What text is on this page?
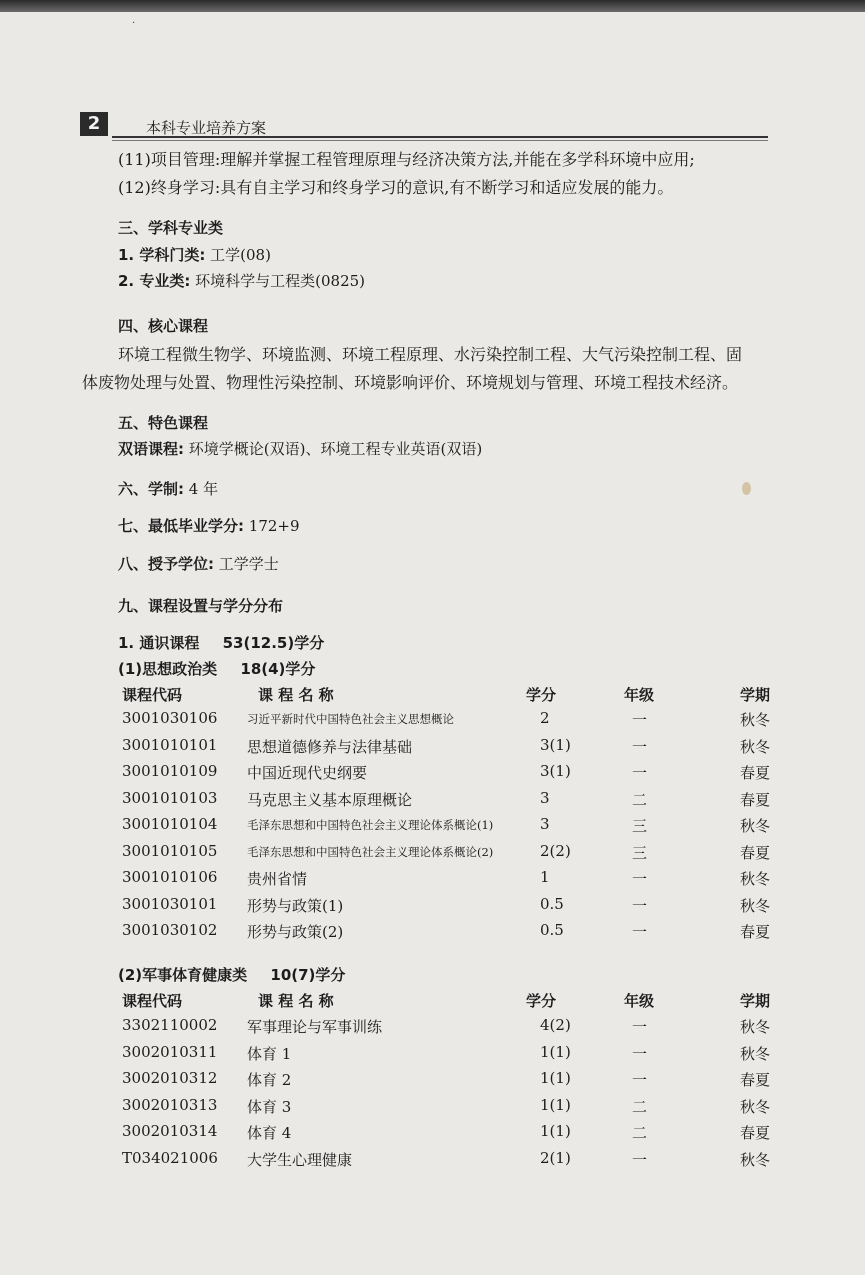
·
2	本科专业培养方案
(11)项目管理:理解并掌握工程管理原理与经济决策方法,并能在多学科环境中应用;
(12)终身学习:具有自主学习和终身学习的意识,有不断学习和适应发展的能力。
三、学科专业类
1. 学科门类: 工学(08)
2. 专业类: 环境科学与工程类(0825)
四、核心课程
环境工程微生物学、环境监测、环境工程原理、水污染控制工程、大气污染控制工程、固
体废物处理与处置、物理性污染控制、环境影响评价、环境规划与管理、环境工程技术经济。
五、特色课程
双语课程: 环境学概论(双语)、环境工程专业英语(双语)
六、学制: 4 年
七、最低毕业学分: 172+9
八、授予学位: 工学学士
九、课程设置与学分分布
1. 通识课程 53(12.5)学分
(1)思想政治类 18(4)学分
课程代码	课 程 名 称	学分	年级	学期
3001030106	习近平新时代中国特色社会主义思想概论	2	一	秋冬
3001010101 思想道德修养与法律基础	3(1)	一	秋冬
3001010109 中国近现代史纲要	3(1)	一	春夏
3001010103 马克思主义基本原理概论	3	二	春夏
3001010104	毛泽东思想和中国特色社会主义理论体系概论(1)	3	三	秋冬
3001010105	毛泽东思想和中国特色社会主义理论体系概论(2)	2(2)	三	春夏
3001010106 贵州省情	1	一	秋冬
3001030101 形势与政策(1)	0.5	一	秋冬
3001030102 形势与政策(2)	0.5	一	春夏
(2)军事体育健康类 10(7)学分
课程代码	课 程 名 称	学分	年级	学期
3302110002 军事理论与军事训练	4(2)	一	秋冬
3002010311 体育 1	1(1)	一	秋冬
3002010312 体育 2	1(1)	一	春夏
3002010313 体育 3	1(1)	二	秋冬
3002010314 体育 4	1(1)	二	春夏
T034021006 大学生心理健康	2(1)	一	秋冬
